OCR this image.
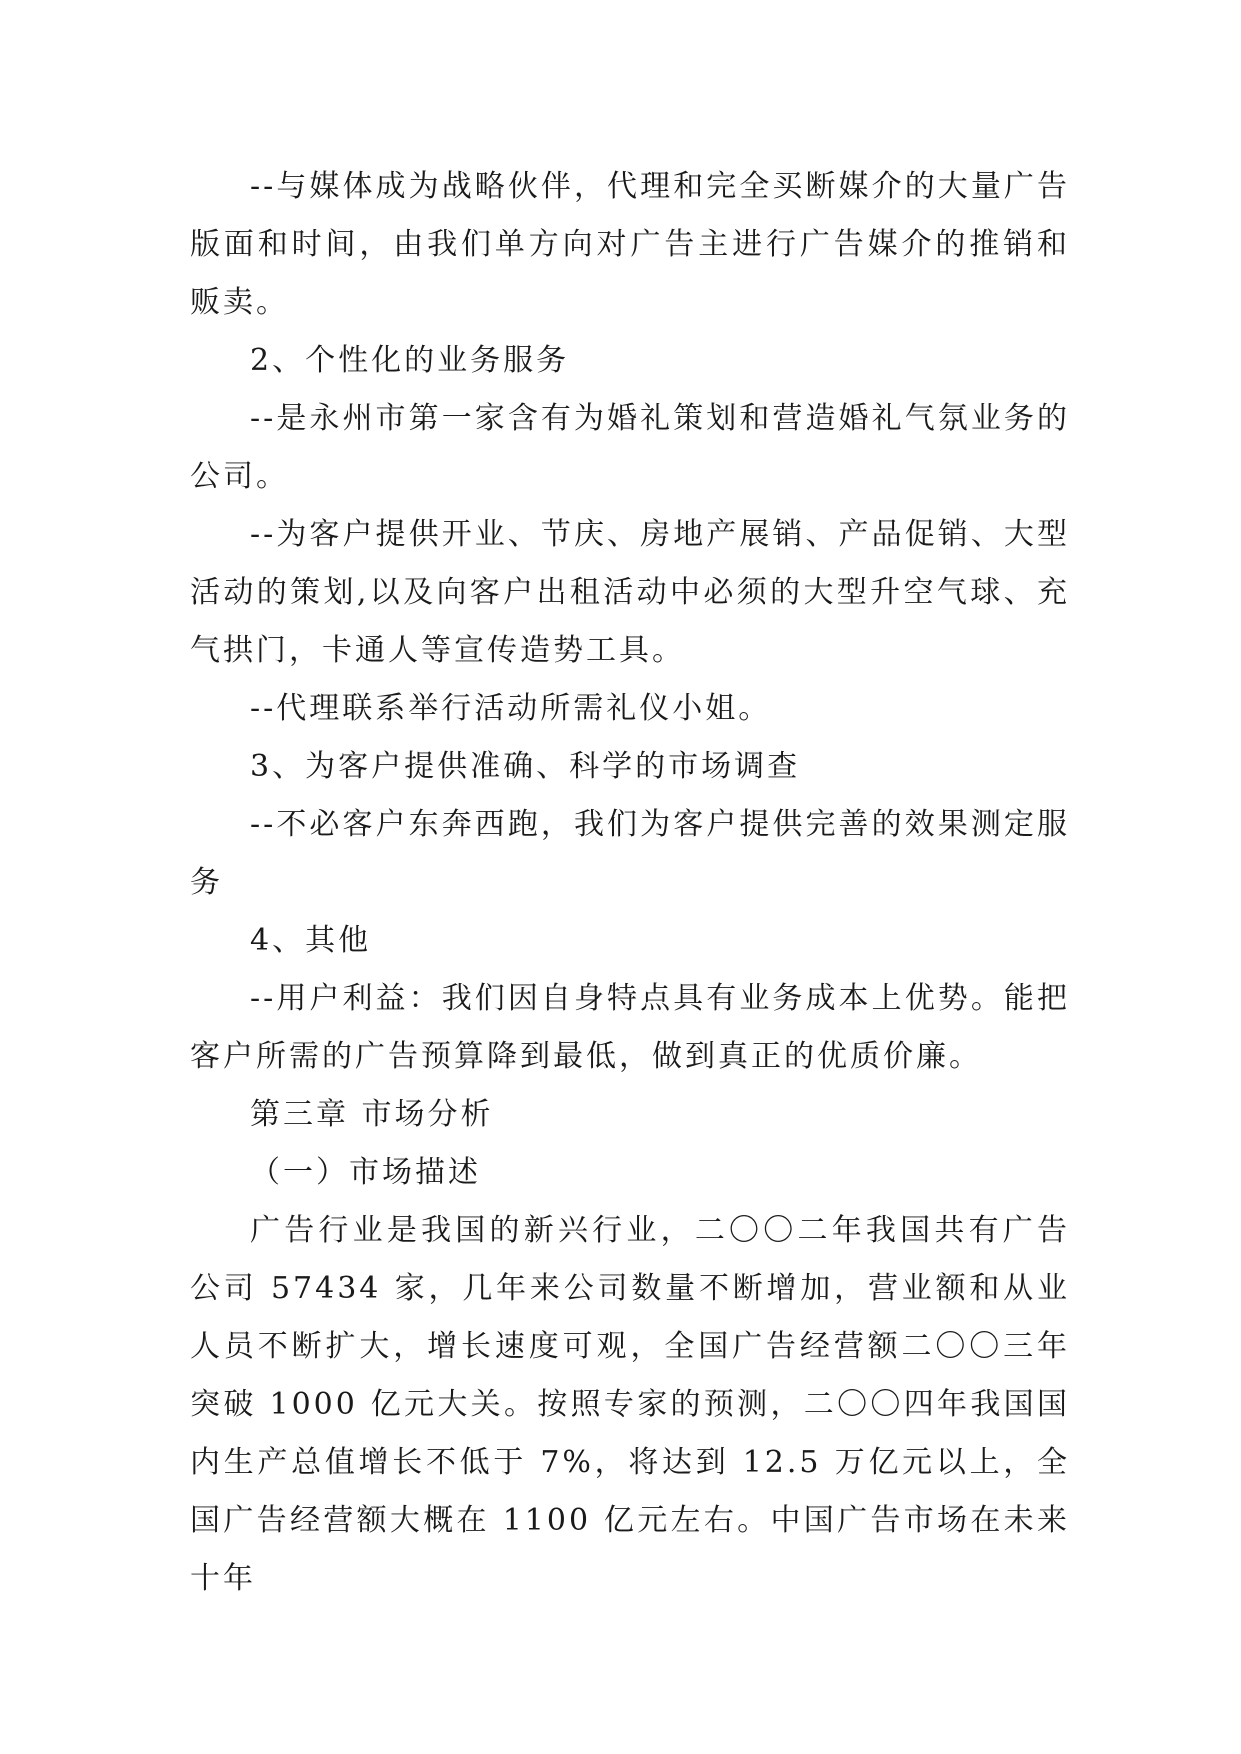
--与媒体成为战略伙伴，代理和完全买断媒介的大量广告版面和时间，由我们单方向对广告主进行广告媒介的推销和贩卖。

2、个性化的业务服务

--是永州市第一家含有为婚礼策划和营造婚礼气氛业务的公司。

--为客户提供开业、节庆、房地产展销、产品促销、大型活动的策划,以及向客户出租活动中必须的大型升空气球、充气拱门，卡通人等宣传造势工具。

--代理联系举行活动所需礼仪小姐。

3、为客户提供准确、科学的市场调查

--不必客户东奔西跑，我们为客户提供完善的效果测定服务

4、其他

--用户利益：我们因自身特点具有业务成本上优势。能把客户所需的广告预算降到最低，做到真正的优质价廉。

第三章 市场分析

（一）市场描述

广告行业是我国的新兴行业，二〇〇二年我国共有广告公司 57434 家，几年来公司数量不断增加，营业额和从业人员不断扩大，增长速度可观，全国广告经营额二〇〇三年突破 1000 亿元大关。按照专家的预测，二〇〇四年我国国内生产总值增长不低于 7%，将达到 12.5 万亿元以上，全国广告经营额大概在 1100 亿元左右。中国广告市场在未来十年
